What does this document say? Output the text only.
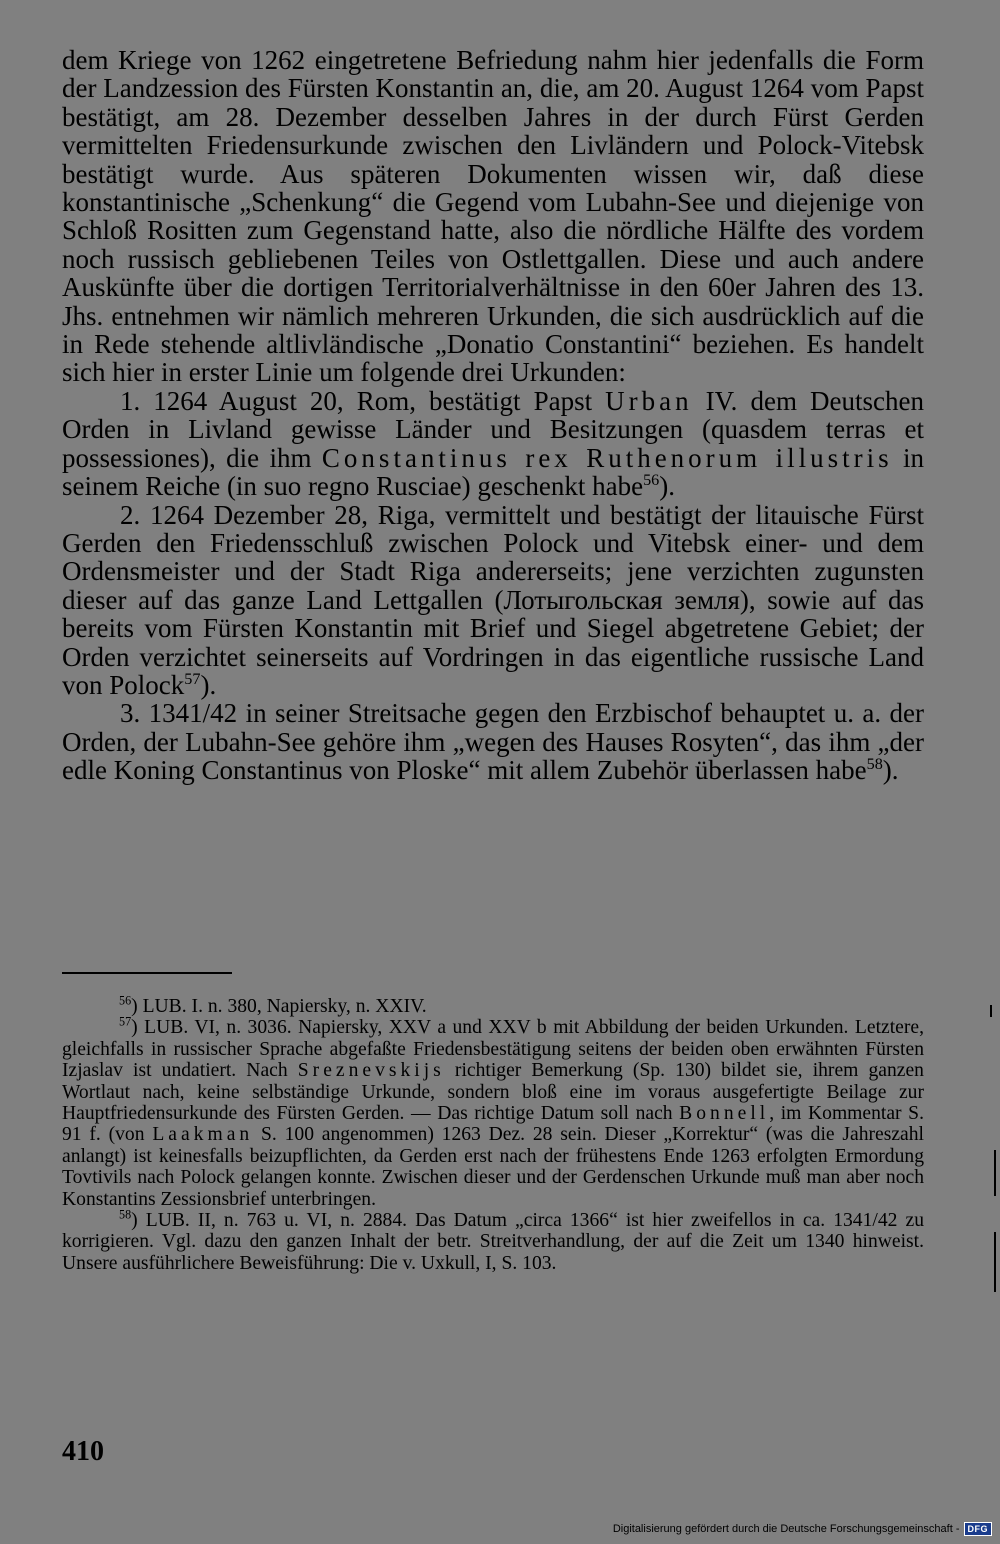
dem Kriege von 1262 eingetretene Befriedung nahm hier jedenfalls die Form der Landzession des Fürsten Konstantin an, die, am 20. August 1264 vom Papst bestätigt, am 28. Dezember desselben Jahres in der durch Fürst Gerden vermittelten Friedensurkunde zwischen den Livländern und Polock-Vitebsk bestätigt wurde. Aus späteren Dokumenten wissen wir, daß diese konstantinische „Schenkung“ die Gegend vom Lubahn-See und diejenige von Schloß Rositten zum Gegenstand hatte, also die nördliche Hälfte des vordem noch russisch gebliebenen Teiles von Ostlettgallen. Diese und auch andere Auskünfte über die dortigen Territorialverhältnisse in den 60er Jahren des 13. Jhs. entnehmen wir nämlich mehreren Urkunden, die sich ausdrücklich auf die in Rede stehende altlivländische „Donatio Constantini“ beziehen. Es handelt sich hier in erster Linie um folgende drei Urkunden:

1. 1264 August 20, Rom, bestätigt Papst Urban IV. dem Deutschen Orden in Livland gewisse Länder und Besitzungen (quasdem terras et possessiones), die ihm Constantinus rex Ruthenorum illustris in seinem Reiche (in suo regno Rusciae) geschenkt habe$^{56}$).

2. 1264 Dezember 28, Riga, vermittelt und bestätigt der litauische Fürst Gerden den Friedensschluß zwischen Polock und Vitebsk einer- und dem Ordensmeister und der Stadt Riga andererseits; jene verzichten zugunsten dieser auf das ganze Land Lettgallen (Лотыгольская земля), sowie auf das bereits vom Fürsten Konstantin mit Brief und Siegel abgetretene Gebiet; der Orden verzichtet seinerseits auf Vordringen in das eigentliche russische Land von Polock$^{57}$).

3. 1341/42 in seiner Streitsache gegen den Erzbischof behauptet u. a. der Orden, der Lubahn-See gehöre ihm „wegen des Hauses Rosyten“, das ihm „der edle Koning Constantinus von Ploske“ mit allem Zubehör überlassen habe$^{58}$).

$^{56}$) LUB. I. n. 380, Napiersky, n. XXIV.

$^{57}$) LUB. VI, n. 3036. Napiersky, XXV a und XXV b mit Abbildung der beiden Urkunden. Letztere, gleichfalls in russischer Sprache abgefaßte Friedensbestätigung seitens der beiden oben erwähnten Fürsten Izjaslav ist undatiert. Nach Sreznevskijs richtiger Bemerkung (Sp. 130) bildet sie, ihrem ganzen Wortlaut nach, keine selbständige Urkunde, sondern bloß eine im voraus ausgefertigte Beilage zur Hauptfriedensurkunde des Fürsten Gerden. — Das richtige Datum soll nach Bonnell, im Kommentar S. 91 f. (von Laakman S. 100 angenommen) 1263 Dez. 28 sein. Dieser „Korrektur“ (was die Jahreszahl anlangt) ist keinesfalls beizupflichten, da Gerden erst nach der frühestens Ende 1263 erfolgten Ermordung Tovtivils nach Polock gelangen konnte. Zwischen dieser und der Gerdenschen Urkunde muß man aber noch Konstantins Zessionsbrief unterbringen.

$^{58}$) LUB. II, n. 763 u. VI, n. 2884. Das Datum „circa 1366“ ist hier zweifellos in ca. 1341/42 zu korrigieren. Vgl. dazu den ganzen Inhalt der betr. Streitverhandlung, der auf die Zeit um 1340 hinweist. Unsere ausführlichere Beweisführung: Die v. Uxkull, I, S. 103.

410
Digitalisierung gefördert durch die Deutsche Forschungsgemeinschaft - DFG
